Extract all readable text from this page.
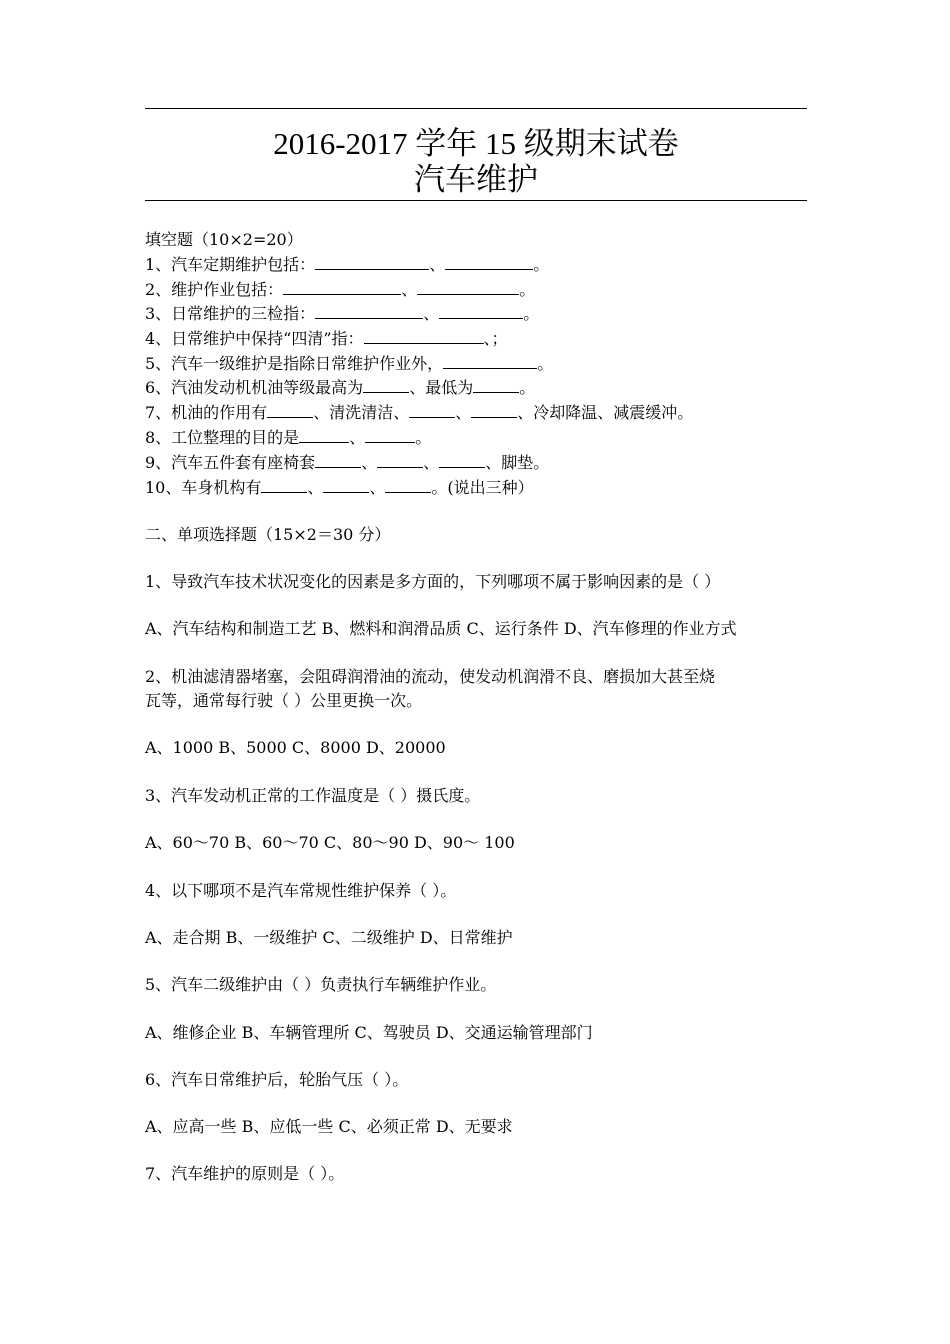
2016-2017 学年 15 级期末试卷
汽车维护
填空题（10×2=20）
1、汽车定期维护包括：	、	。
2、维护作业包括：	、	。
3、日常维护的三检指：	、	。
4、日常维护中保持“四清”指：	、；
5、汽车一级维护是指除日常维护作业外，	。
6、汽油发动机机油等级最高为	、最低为	。
7、机油的作用有	、清洗清洁、	、	、冷却降温、减震缓冲。
8、工位整理的目的是	、	。
9、汽车五件套有座椅套	、	、	、脚垫。
10、车身机构有	、	、	。(说出三种）
二、单项选择题（15×2＝30 分）
1、导致汽车技术状况变化的因素是多方面的，下列哪项不属于影响因素的是（ ）
A、汽车结构和制造工艺 B、燃料和润滑品质 C、运行条件 D、汽车修理的作业方式
2、机油滤清器堵塞，会阻碍润滑油的流动，使发动机润滑不良、磨损加大甚至烧
瓦等，通常每行驶（ ）公里更换一次。
A、1000 B、5000 C、8000 D、20000
3、汽车发动机正常的工作温度是（ ）摄氏度。
A、60～70 B、60～70 C、80～90 D、90～ 100
4、以下哪项不是汽车常规性维护保养（ ）。
A、走合期 B、一级维护 C、二级维护 D、日常维护
5、汽车二级维护由（ ）负责执行车辆维护作业。
A、维修企业 B、车辆管理所 C、驾驶员 D、交通运输管理部门
6、汽车日常维护后，轮胎气压（ ）。
A、应高一些 B、应低一些 C、必须正常 D、无要求
7、汽车维护的原则是（ ）。
